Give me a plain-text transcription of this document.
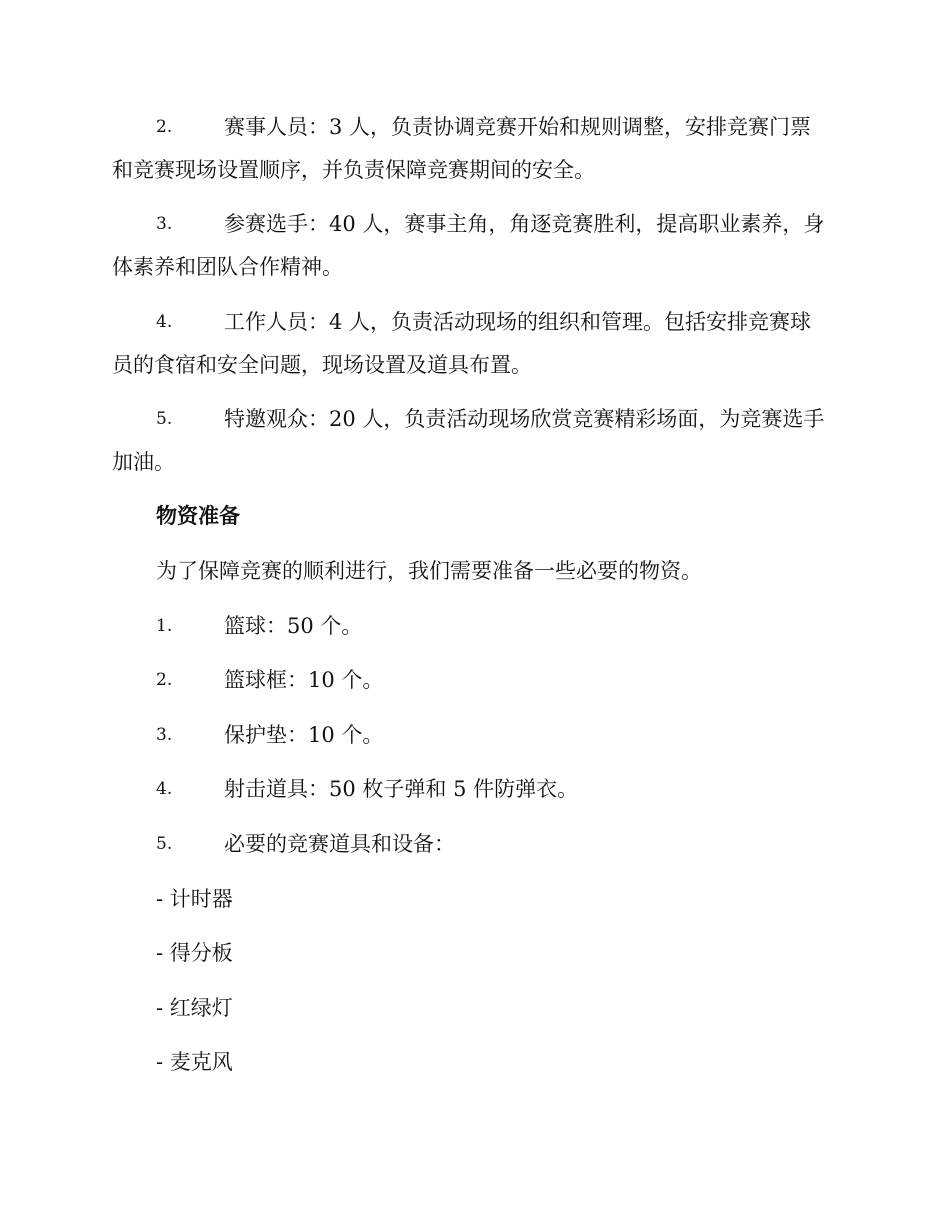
2. 赛事人员：3 人，负责协调竞赛开始和规则调整，安排竞赛门票
和竞赛现场设置顺序，并负责保障竞赛期间的安全。
3. 参赛选手：40 人，赛事主角，角逐竞赛胜利，提高职业素养，身
体素养和团队合作精神。
4. 工作人员：4 人，负责活动现场的组织和管理。包括安排竞赛球
员的食宿和安全问题，现场设置及道具布置。
5. 特邀观众：20 人，负责活动现场欣赏竞赛精彩场面，为竞赛选手
加油。
物资准备
为了保障竞赛的顺利进行，我们需要准备一些必要的物资。
1. 篮球：50 个。
2. 篮球框：10 个。
3. 保护垫：10 个。
4. 射击道具：50 枚子弹和 5 件防弹衣。
5. 必要的竞赛道具和设备：
- 计时器
- 得分板
- 红绿灯
- 麦克风
